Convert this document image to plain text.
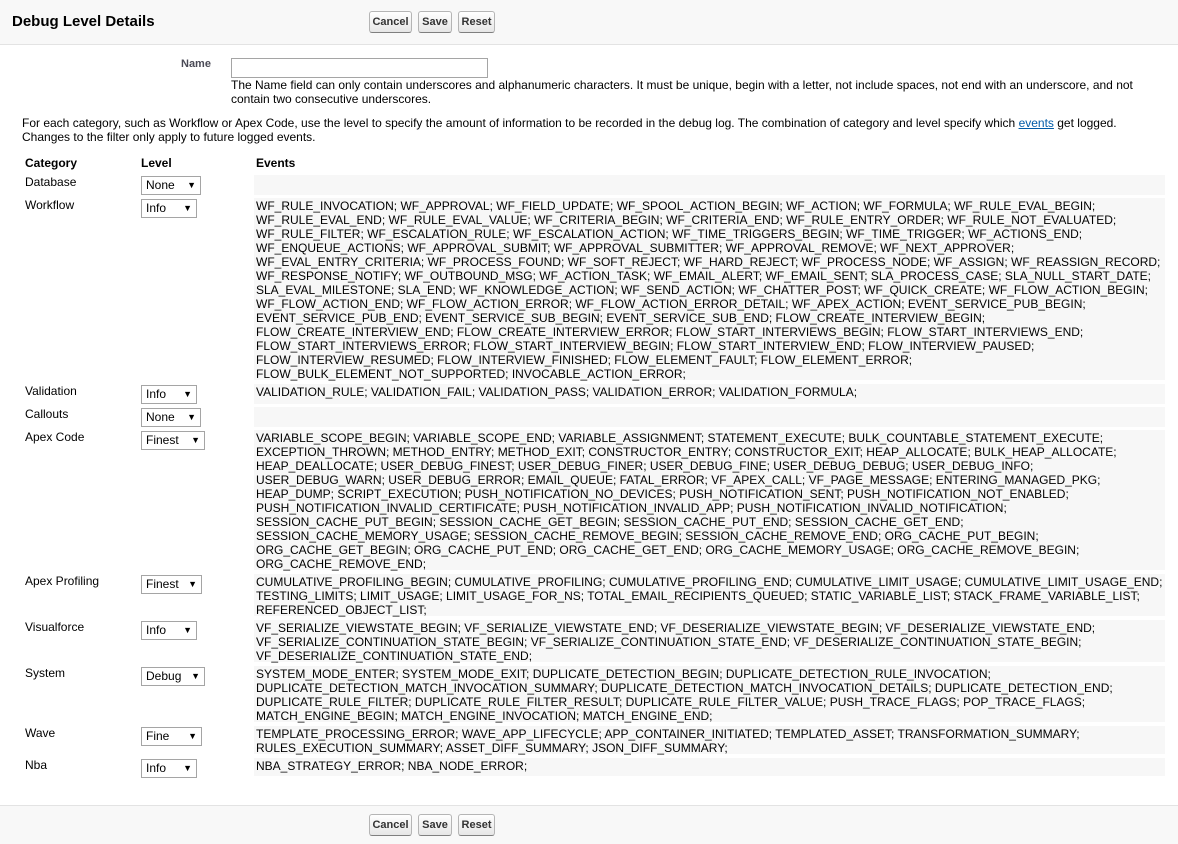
Debug Level Details	Cancel	Save	Reset
Name
The Name field can only contain underscores and alphanumeric characters. It must be unique, begin with a letter, not include spaces, not end with an underscore, and not contain two consecutive underscores.
For each category, such as Workflow or Apex Code, use the level to specify the amount of information to be recorded in the debug log. The combination of category and level specify which events get logged. Changes to the filter only apply to future logged events.
Category	Level	Events
Database	None ▼
Workflow	Info ▼	WF_RULE_INVOCATION; WF_APPROVAL; WF_FIELD_UPDATE; WF_SPOOL_ACTION_BEGIN; WF_ACTION; WF_FORMULA; WF_RULE_EVAL_BEGIN; WF_RULE_EVAL_END; WF_RULE_EVAL_VALUE; WF_CRITERIA_BEGIN; WF_CRITERIA_END; WF_RULE_ENTRY_ORDER; WF_RULE_NOT_EVALUATED; WF_RULE_FILTER; WF_ESCALATION_RULE; WF_ESCALATION_ACTION; WF_TIME_TRIGGERS_BEGIN; WF_TIME_TRIGGER; WF_ACTIONS_END; WF_ENQUEUE_ACTIONS; WF_APPROVAL_SUBMIT; WF_APPROVAL_SUBMITTER; WF_APPROVAL_REMOVE; WF_NEXT_APPROVER; WF_EVAL_ENTRY_CRITERIA; WF_PROCESS_FOUND; WF_SOFT_REJECT; WF_HARD_REJECT; WF_PROCESS_NODE; WF_ASSIGN; WF_REASSIGN_RECORD; WF_RESPONSE_NOTIFY; WF_OUTBOUND_MSG; WF_ACTION_TASK; WF_EMAIL_ALERT; WF_EMAIL_SENT; SLA_PROCESS_CASE; SLA_NULL_START_DATE; SLA_EVAL_MILESTONE; SLA_END; WF_KNOWLEDGE_ACTION; WF_SEND_ACTION; WF_CHATTER_POST; WF_QUICK_CREATE; WF_FLOW_ACTION_BEGIN; WF_FLOW_ACTION_END; WF_FLOW_ACTION_ERROR; WF_FLOW_ACTION_ERROR_DETAIL; WF_APEX_ACTION; EVENT_SERVICE_PUB_BEGIN; EVENT_SERVICE_PUB_END; EVENT_SERVICE_SUB_BEGIN; EVENT_SERVICE_SUB_END; FLOW_CREATE_INTERVIEW_BEGIN; FLOW_CREATE_INTERVIEW_END; FLOW_CREATE_INTERVIEW_ERROR; FLOW_START_INTERVIEWS_BEGIN; FLOW_START_INTERVIEWS_END; FLOW_START_INTERVIEWS_ERROR; FLOW_START_INTERVIEW_BEGIN; FLOW_START_INTERVIEW_END; FLOW_INTERVIEW_PAUSED; FLOW_INTERVIEW_RESUMED; FLOW_INTERVIEW_FINISHED; FLOW_ELEMENT_FAULT; FLOW_ELEMENT_ERROR; FLOW_BULK_ELEMENT_NOT_SUPPORTED; INVOCABLE_ACTION_ERROR;
Validation	Info ▼	VALIDATION_RULE; VALIDATION_FAIL; VALIDATION_PASS; VALIDATION_ERROR; VALIDATION_FORMULA;
Callouts	None ▼
Apex Code	Finest ▼	VARIABLE_SCOPE_BEGIN; VARIABLE_SCOPE_END; VARIABLE_ASSIGNMENT; STATEMENT_EXECUTE; BULK_COUNTABLE_STATEMENT_EXECUTE; EXCEPTION_THROWN; METHOD_ENTRY; METHOD_EXIT; CONSTRUCTOR_ENTRY; CONSTRUCTOR_EXIT; HEAP_ALLOCATE; BULK_HEAP_ALLOCATE; HEAP_DEALLOCATE; USER_DEBUG_FINEST; USER_DEBUG_FINER; USER_DEBUG_FINE; USER_DEBUG_DEBUG; USER_DEBUG_INFO; USER_DEBUG_WARN; USER_DEBUG_ERROR; EMAIL_QUEUE; FATAL_ERROR; VF_APEX_CALL; VF_PAGE_MESSAGE; ENTERING_MANAGED_PKG; HEAP_DUMP; SCRIPT_EXECUTION; PUSH_NOTIFICATION_NO_DEVICES; PUSH_NOTIFICATION_SENT; PUSH_NOTIFICATION_NOT_ENABLED; PUSH_NOTIFICATION_INVALID_CERTIFICATE; PUSH_NOTIFICATION_INVALID_APP; PUSH_NOTIFICATION_INVALID_NOTIFICATION; SESSION_CACHE_PUT_BEGIN; SESSION_CACHE_GET_BEGIN; SESSION_CACHE_PUT_END; SESSION_CACHE_GET_END; SESSION_CACHE_MEMORY_USAGE; SESSION_CACHE_REMOVE_BEGIN; SESSION_CACHE_REMOVE_END; ORG_CACHE_PUT_BEGIN; ORG_CACHE_GET_BEGIN; ORG_CACHE_PUT_END; ORG_CACHE_GET_END; ORG_CACHE_MEMORY_USAGE; ORG_CACHE_REMOVE_BEGIN; ORG_CACHE_REMOVE_END;
Apex Profiling	Finest ▼	CUMULATIVE_PROFILING_BEGIN; CUMULATIVE_PROFILING; CUMULATIVE_PROFILING_END; CUMULATIVE_LIMIT_USAGE; CUMULATIVE_LIMIT_USAGE_END; TESTING_LIMITS; LIMIT_USAGE; LIMIT_USAGE_FOR_NS; TOTAL_EMAIL_RECIPIENTS_QUEUED; STATIC_VARIABLE_LIST; STACK_FRAME_VARIABLE_LIST; REFERENCED_OBJECT_LIST;
Visualforce	Info ▼	VF_SERIALIZE_VIEWSTATE_BEGIN; VF_SERIALIZE_VIEWSTATE_END; VF_DESERIALIZE_VIEWSTATE_BEGIN; VF_DESERIALIZE_VIEWSTATE_END; VF_SERIALIZE_CONTINUATION_STATE_BEGIN; VF_SERIALIZE_CONTINUATION_STATE_END; VF_DESERIALIZE_CONTINUATION_STATE_BEGIN; VF_DESERIALIZE_CONTINUATION_STATE_END;
System	Debug ▼	SYSTEM_MODE_ENTER; SYSTEM_MODE_EXIT; DUPLICATE_DETECTION_BEGIN; DUPLICATE_DETECTION_RULE_INVOCATION; DUPLICATE_DETECTION_MATCH_INVOCATION_SUMMARY; DUPLICATE_DETECTION_MATCH_INVOCATION_DETAILS; DUPLICATE_DETECTION_END; DUPLICATE_RULE_FILTER; DUPLICATE_RULE_FILTER_RESULT; DUPLICATE_RULE_FILTER_VALUE; PUSH_TRACE_FLAGS; POP_TRACE_FLAGS; MATCH_ENGINE_BEGIN; MATCH_ENGINE_INVOCATION; MATCH_ENGINE_END;
Wave	Fine ▼	TEMPLATE_PROCESSING_ERROR; WAVE_APP_LIFECYCLE; APP_CONTAINER_INITIATED; TEMPLATED_ASSET; TRANSFORMATION_SUMMARY; RULES_EXECUTION_SUMMARY; ASSET_DIFF_SUMMARY; JSON_DIFF_SUMMARY;
Nba	Info ▼	NBA_STRATEGY_ERROR; NBA_NODE_ERROR;
Cancel	Save	Reset
